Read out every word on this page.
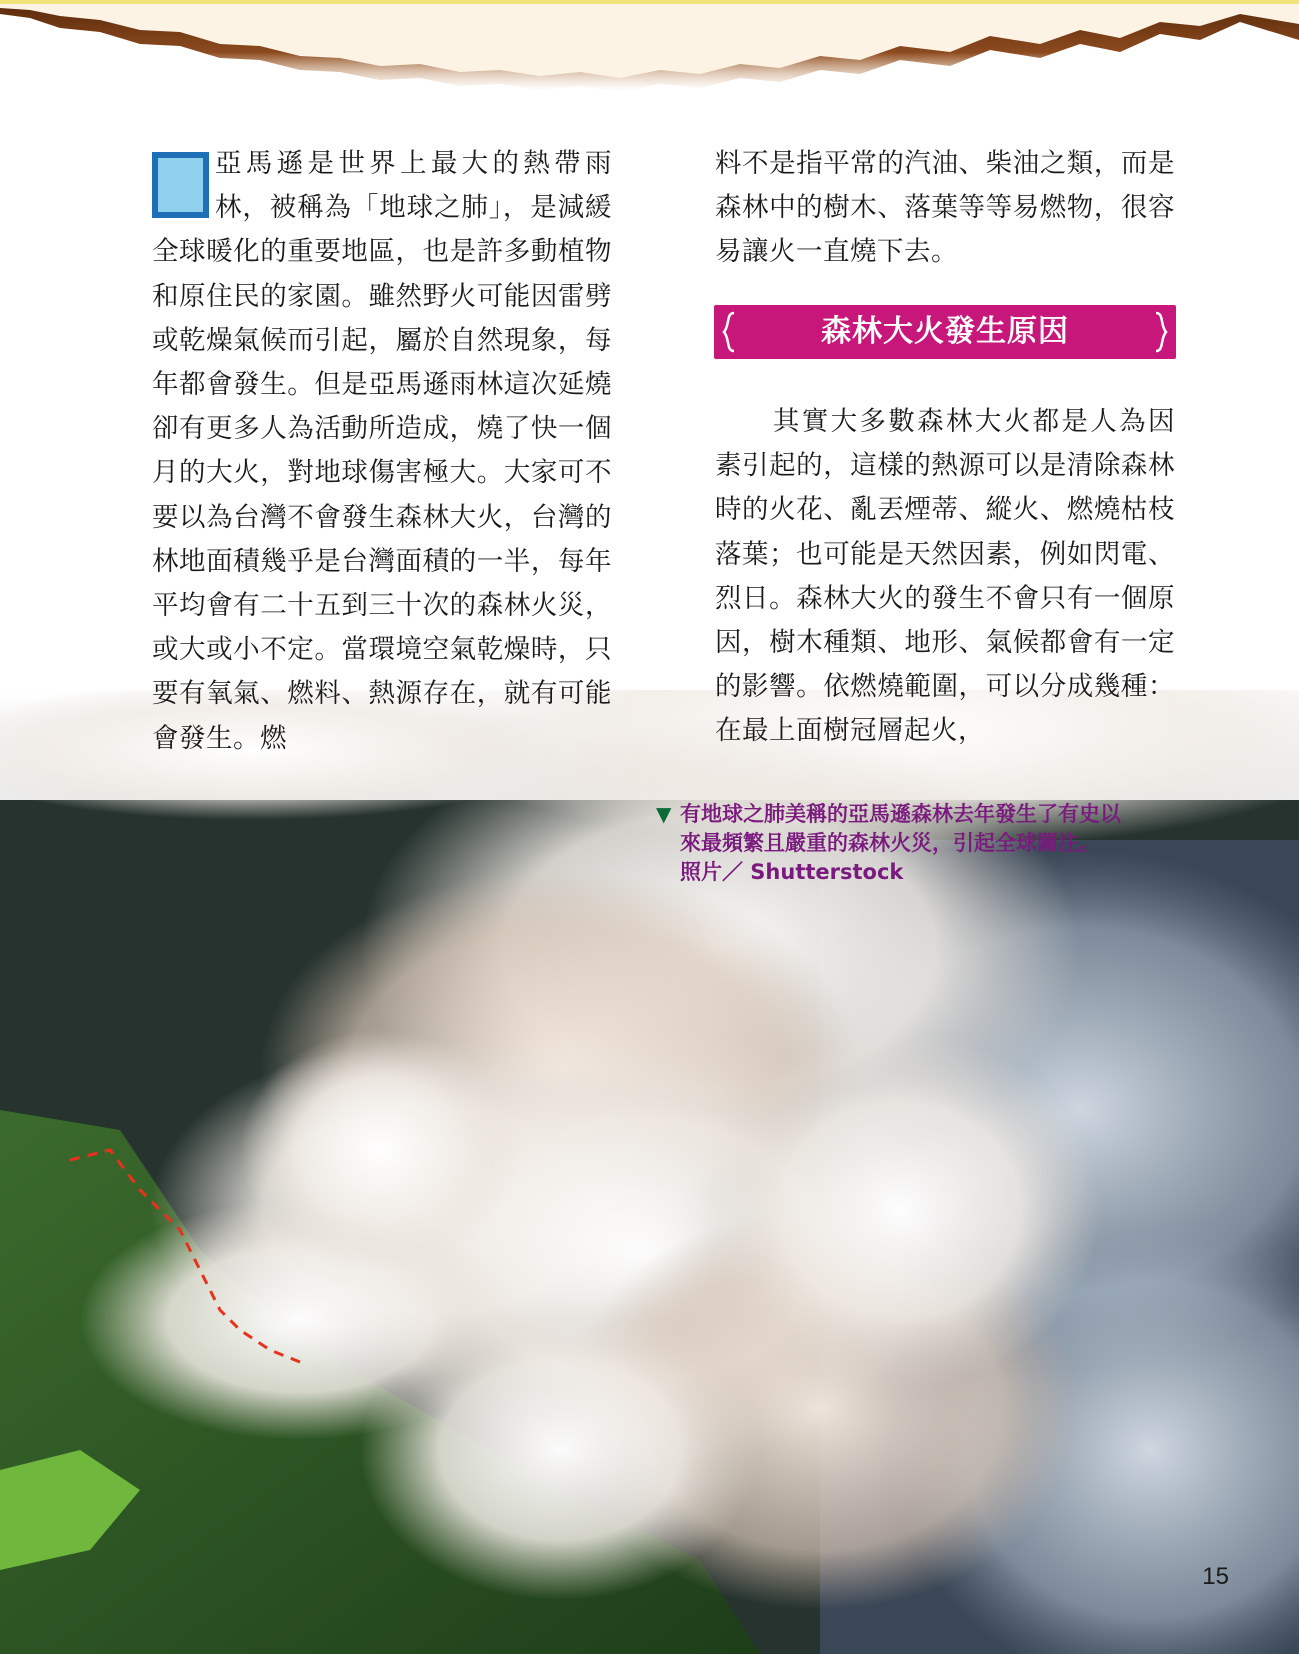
亞馬遜是世界上最大的熱帶雨林，被稱為「地球之肺」，是減緩全球暖化的重要地區，也是許多動植物和原住民的家園。雖然野火可能因雷劈或乾燥氣候而引起，屬於自然現象，每年都會發生。但是亞馬遜雨林這次延燒卻有更多人為活動所造成，燒了快一個月的大火，對地球傷害極大。大家可不要以為台灣不會發生森林大火，台灣的林地面積幾乎是台灣面積的一半，每年平均會有二十五到三十次的森林火災，或大或小不定。當環境空氣乾燥時，只要有氧氣、燃料、熱源存在，就有可能會發生。燃
料不是指平常的汽油、柴油之類，而是森林中的樹木、落葉等等易燃物，很容易讓火一直燒下去。
森林大火發生原因
其實大多數森林大火都是人為因素引起的，這樣的熱源可以是清除森林時的火花、亂丟煙蒂、縱火、燃燒枯枝落葉；也可能是天然因素，例如閃電、烈日。森林大火的發生不會只有一個原因，樹木種類、地形、氣候都會有一定的影響。依燃燒範圍，可以分成幾種：在最上面樹冠層起火，
▼ 有地球之肺美稱的亞馬遜森林去年發生了有史以
來最頻繁且嚴重的森林火災，引起全球關注。
照片／ Shutterstock
15
